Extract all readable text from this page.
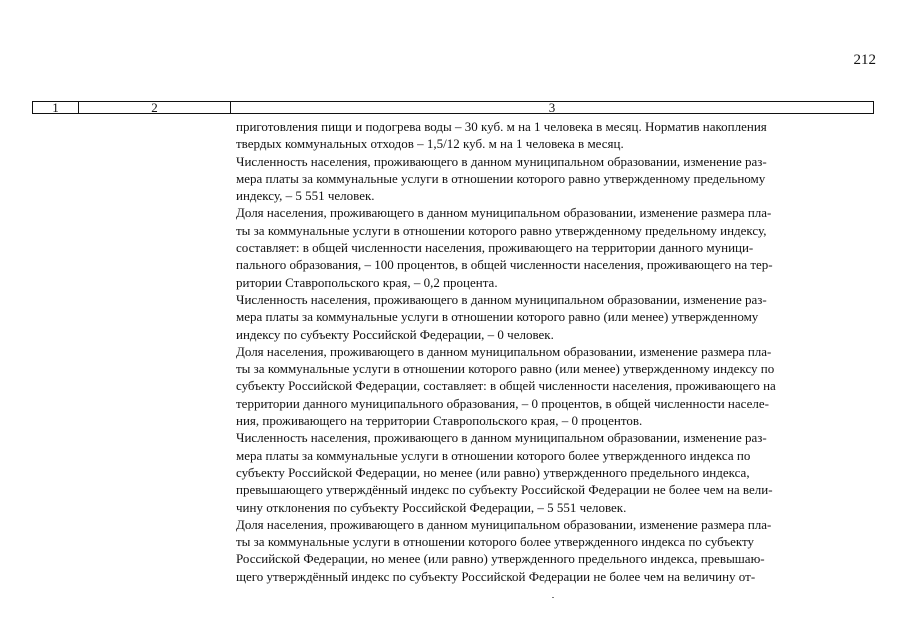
212
1	2	3

приготовления пищи и подогрева воды – 30 куб. м на 1 человека в месяц. Норматив накопления
твердых коммунальных отходов – 1,5/12 куб. м на 1 человека в месяц.

Численность населения, проживающего в данном муниципальном образовании, изменение раз-
мера платы за коммунальные услуги в отношении которого равно утвержденному предельному
индексу, – 5 551 человек.

Доля населения, проживающего в данном муниципальном образовании, изменение размера пла-
ты за коммунальные услуги в отношении которого равно утвержденному предельному индексу,
составляет: в общей численности населения, проживающего на территории данного муници-
пального образования, – 100 процентов, в общей численности населения, проживающего на тер-
ритории Ставропольского края, – 0,2 процента.

Численность населения, проживающего в данном муниципальном образовании, изменение раз-
мера платы за коммунальные услуги в отношении которого равно (или менее) утвержденному
индексу по субъекту Российской Федерации, – 0 человек.

Доля населения, проживающего в данном муниципальном образовании, изменение размера пла-
ты за коммунальные услуги в отношении которого равно (или менее) утвержденному индексу по
субъекту Российской Федерации, составляет: в общей численности населения, проживающего на
территории данного муниципального образования, – 0 процентов, в общей численности населе-
ния, проживающего на территории Ставропольского края, – 0 процентов.

Численность населения, проживающего в данном муниципальном образовании, изменение раз-
мера платы за коммунальные услуги в отношении которого более утвержденного индекса по
субъекту Российской Федерации, но менее (или равно) утвержденного предельного индекса,
превышающего утверждённый индекс по субъекту Российской Федерации не более чем на вели-
чину отклонения по субъекту Российской Федерации, – 5 551 человек.

Доля населения, проживающего в данном муниципальном образовании, изменение размера пла-
ты за коммунальные услуги в отношении которого более утвержденного индекса по субъекту
Российской Федерации, но менее (или равно) утвержденного предельного индекса, превышаю-
щего утверждённый индекс по субъекту Российской Федерации не более чем на величину от-
